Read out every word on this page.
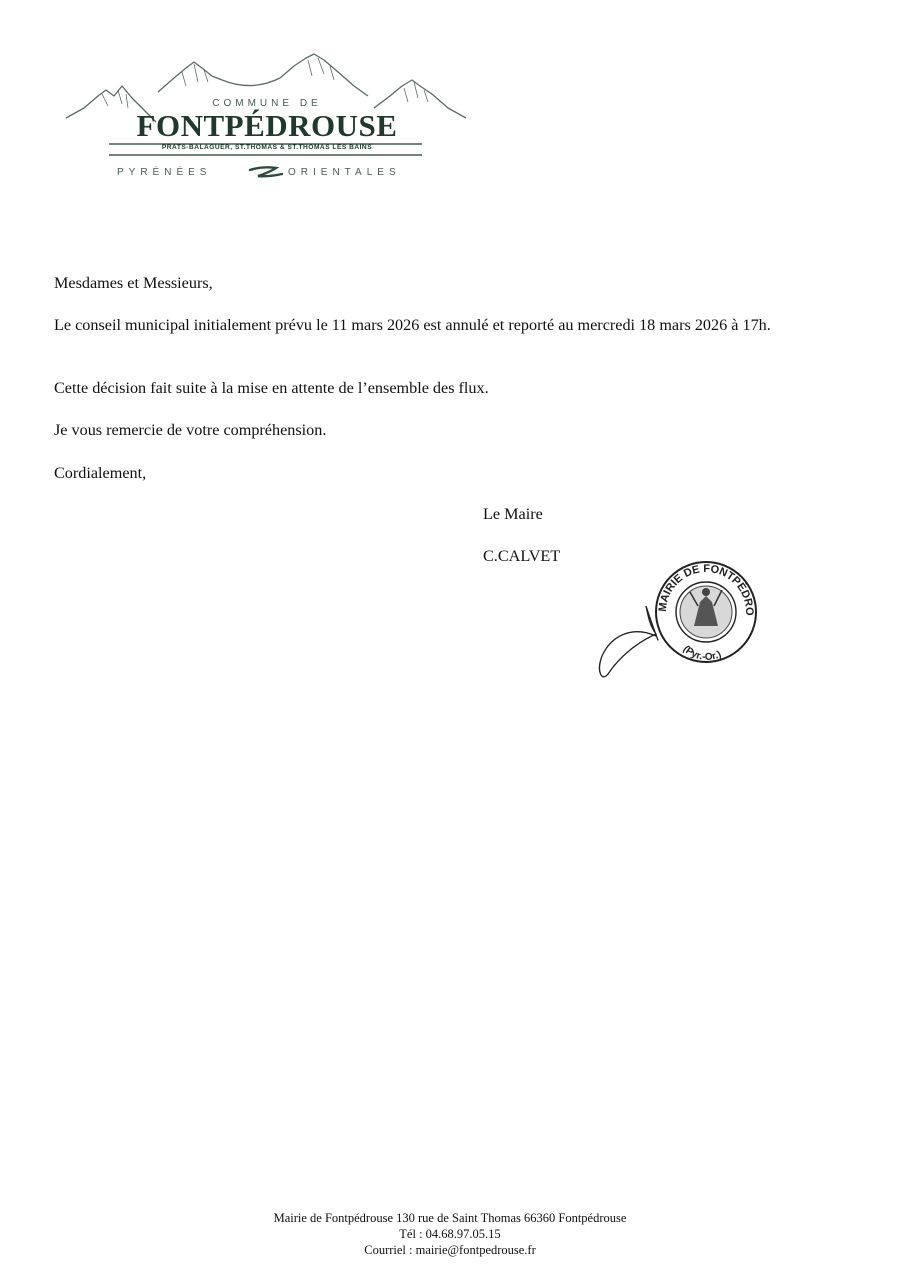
COMMUNE DE
FONTPÉDROUSE
PRATS-BALAGUER, ST.THOMAS & ST.THOMAS LES BAINS
PYRÉNÉES	ORIENTALES

Mesdames et Messieurs,

Le conseil municipal initialement prévu le 11 mars 2026 est annulé et reporté au mercredi 18 mars 2026 à 17h.

Cette décision fait suite à la mise en attente de l’ensemble des flux.

Je vous remercie de votre compréhension.

Cordialement,

Le Maire
C.CALVET
MAIRIE DE FONTPÉDRO
(Pyr.-Or.)
Mairie de Fontpédrouse 130 rue de Saint Thomas 66360 Fontpédrouse
Tél : 04.68.97.05.15
Courriel : mairie@fontpedrouse.fr
